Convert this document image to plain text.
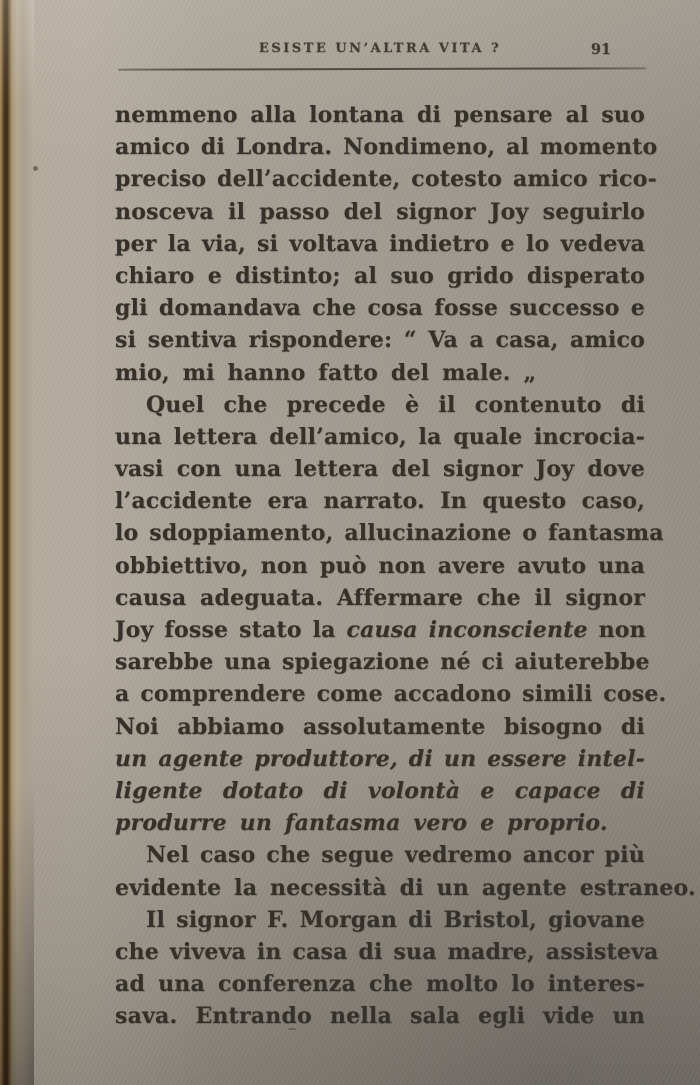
ESISTE UN’ALTRA VITA ?	91
nemmeno alla lontana di pensare al suo
amico di Londra. Nondimeno, al momento
preciso dell’accidente, cotesto amico rico-
nosceva il passo del signor Joy seguirlo
per la via, si voltava indietro e lo vedeva
chiaro e distinto; al suo grido disperato
gli domandava che cosa fosse successo e
si sentiva rispondere: “ Va a casa, amico
mio, mi hanno fatto del male. „
Quel che precede è il contenuto di
una lettera dell’amico, la quale incrocia-
vasi con una lettera del signor Joy dove
l’accidente era narrato. In questo caso,
lo sdoppiamento, allucinazione o fantasma
obbiettivo, non può non avere avuto una
causa adeguata. Affermare che il signor
Joy fosse stato la causa inconsciente non
sarebbe una spiegazione né ci aiuterebbe
a comprendere come accadono simili cose.
Noi abbiamo assolutamente bisogno di
un agente produttore, di un essere intel-
ligente dotato di volontà e capace di
produrre un fantasma vero e proprio.
Nel caso che segue vedremo ancor più
evidente la necessità di un agente estraneo.
Il signor F. Morgan di Bristol, giovane
che viveva in casa di sua madre, assisteva
ad una conferenza che molto lo interes-
sava. Entrando nella sala egli vide un
